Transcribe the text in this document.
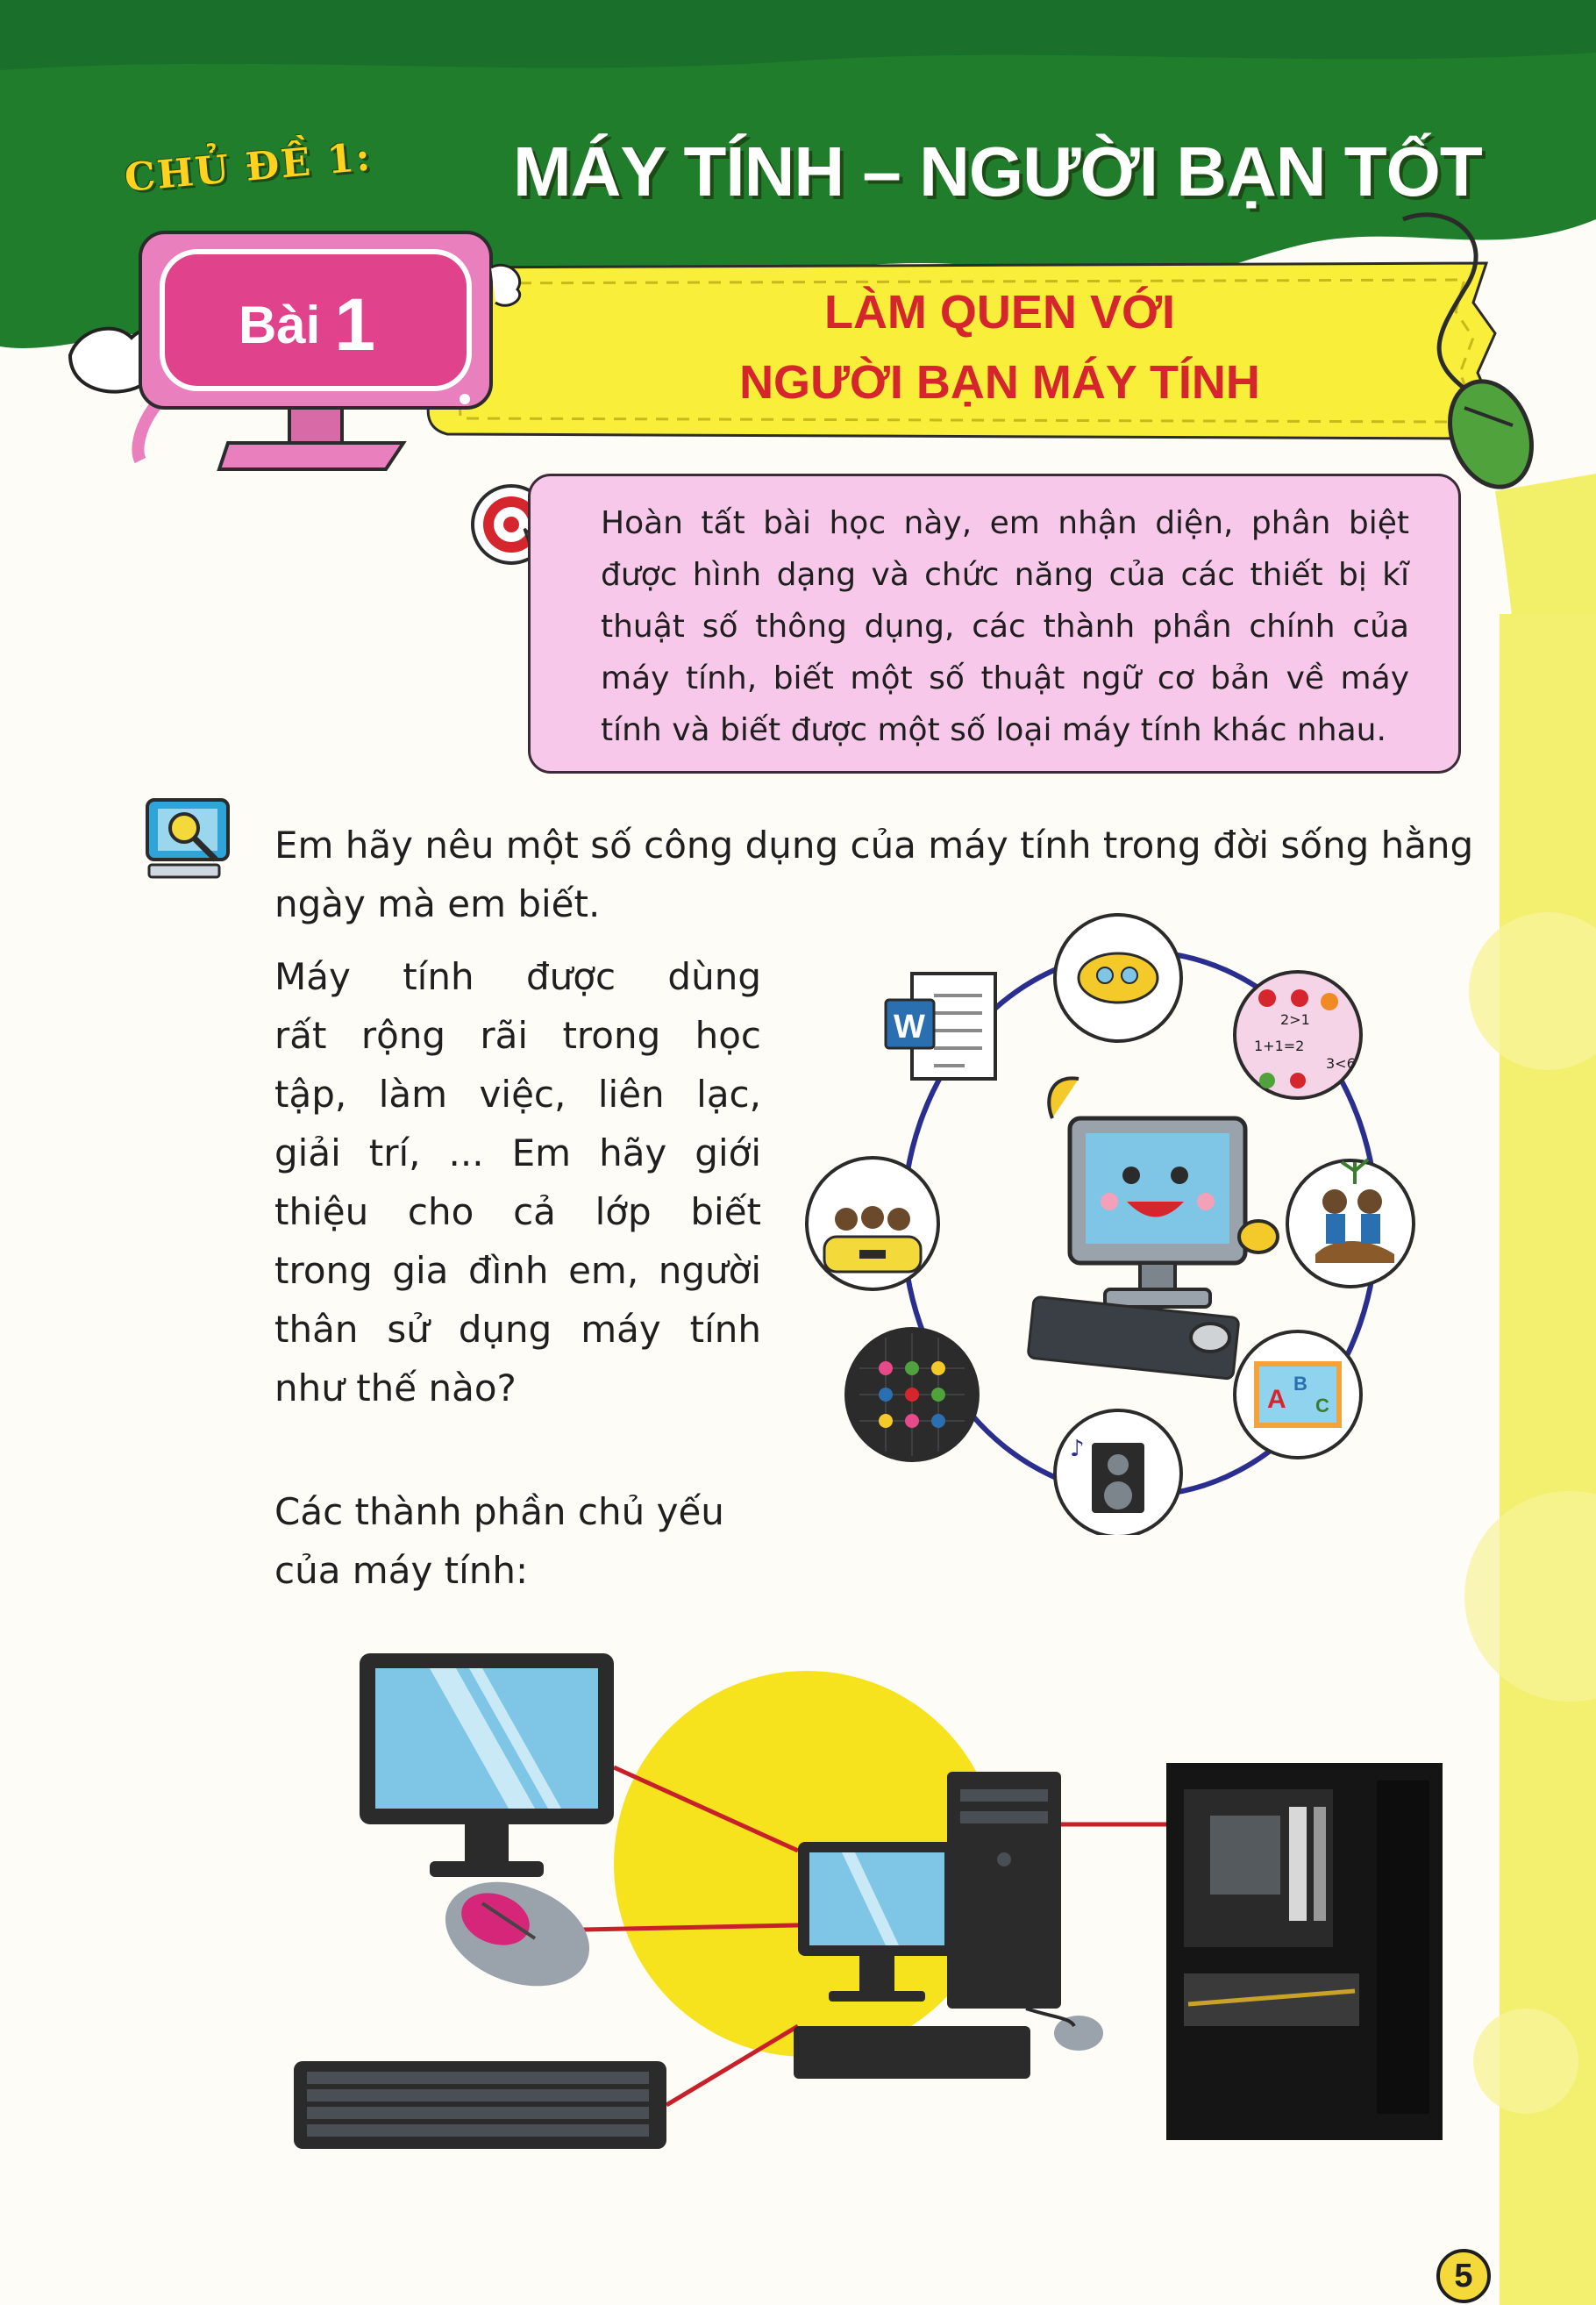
CHỦ ĐỀ 1: MÁY TÍNH – NGƯỜI BẠN TỐT
LÀM QUEN VỚI
NGƯỜI BẠN MÁY TÍNH
Bài 1
Hoàn tất bài học này, em nhận diện, phân biệt được hình dạng và chức năng của các thiết bị kĩ thuật số thông dụng, các thành phần chính của máy tính, biết một số thuật ngữ cơ bản về máy tính và biết được một số loại máy tính khác nhau.
Em hãy nêu một số công dụng của máy tính trong đời sống hằng ngày mà em biết.
Máy tính được dùng
rất rộng rãi trong học
tập, làm việc, liên lạc,
giải trí, ... Em hãy giới
thiệu cho cả lớp biết
trong gia đình em, người
thân sử dụng máy tính
như thế nào?
Các thành phần chủ yếu của máy tính:
2>1
1+1=2
3<6
A
B
C
♪
W
5
